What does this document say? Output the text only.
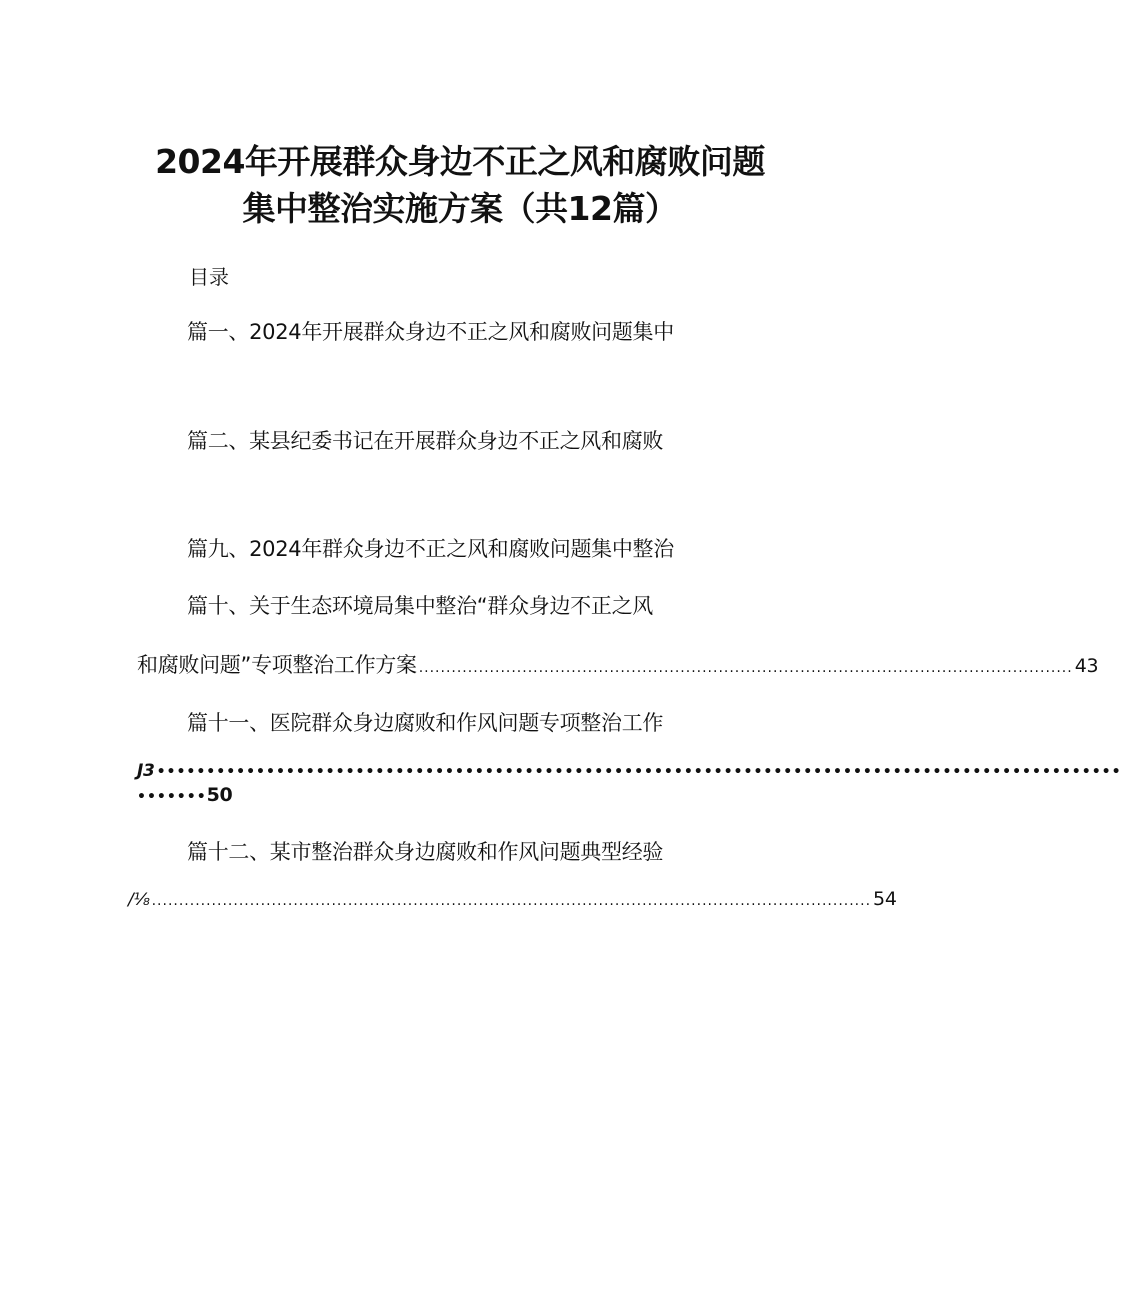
2024年开展群众身边不正之风和腐败问题
集中整治实施方案（共12篇）
目录
篇一、2024年开展群众身边不正之风和腐败问题集中
篇二、某县纪委书记在开展群众身边不正之风和腐败
篇九、2024年群众身边不正之风和腐败问题集中整治
篇十、关于生态环境局集中整治“群众身边不正之风
和腐败问题”专项整治工作方案 ........................................................................................................................ 43
篇十一、医院群众身边腐败和作风问题专项整治工作
J3 •••••••••••••••••••••••••••••••••••••••••••••••••••••••••••••••••••••••••••••••••••••••••••••••••
••••••• 50
篇十二、某市整治群众身边腐败和作风问题典型经验
/⅛ .................................................................................................................................... 54
